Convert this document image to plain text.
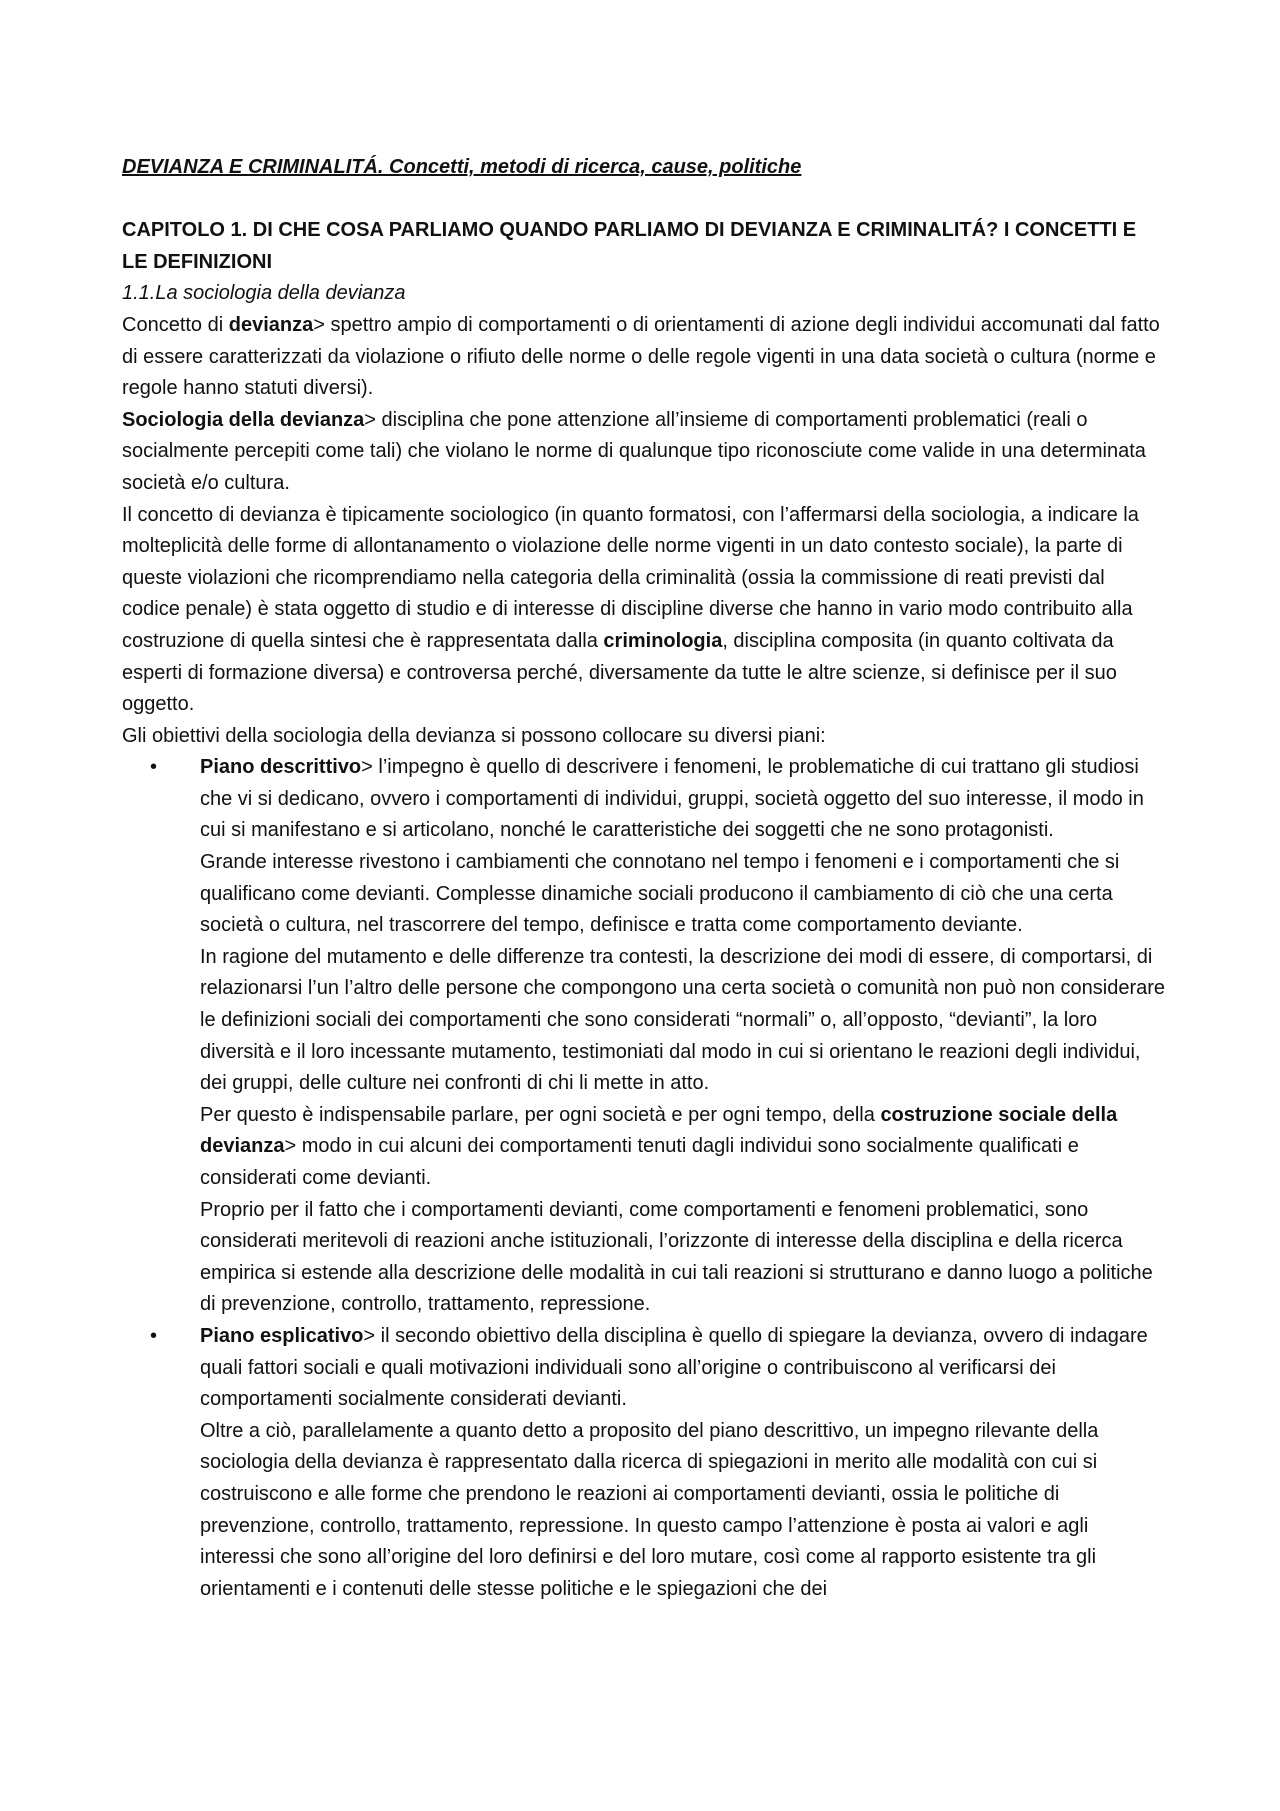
DEVIANZA E CRIMINALITÁ. Concetti, metodi di ricerca, cause, politiche

CAPITOLO 1. DI CHE COSA PARLIAMO QUANDO PARLIAMO DI DEVIANZA E CRIMINALITÁ? I CONCETTI E LE DEFINIZIONI

1.1.La sociologia della devianza

Concetto di devianza> spettro ampio di comportamenti o di orientamenti di azione degli individui accomunati dal fatto di essere caratterizzati da violazione o rifiuto delle norme o delle regole vigenti in una data società o cultura (norme e regole hanno statuti diversi).

Sociologia della devianza> disciplina che pone attenzione all’insieme di comportamenti problematici (reali o socialmente percepiti come tali) che violano le norme di qualunque tipo riconosciute come valide in una determinata società e/o cultura.

Il concetto di devianza è tipicamente sociologico (in quanto formatosi, con l’affermarsi della sociologia, a indicare la molteplicità delle forme di allontanamento o violazione delle norme vigenti in un dato contesto sociale), la parte di queste violazioni che ricomprendiamo nella categoria della criminalità (ossia la commissione di reati previsti dal codice penale) è stata oggetto di studio e di interesse di discipline diverse che hanno in vario modo contribuito alla costruzione di quella sintesi che è rappresentata dalla criminologia, disciplina composita (in quanto coltivata da esperti di formazione diversa) e controversa perché, diversamente da tutte le altre scienze, si definisce per il suo oggetto.

Gli obiettivi della sociologia della devianza si possono collocare su diversi piani:

• Piano descrittivo> l’impegno è quello di descrivere i fenomeni, le problematiche di cui trattano gli studiosi che vi si dedicano, ovvero i comportamenti di individui, gruppi, società oggetto del suo interesse, il modo in cui si manifestano e si articolano, nonché le caratteristiche dei soggetti che ne sono protagonisti.

Grande interesse rivestono i cambiamenti che connotano nel tempo i fenomeni e i comportamenti che si qualificano come devianti. Complesse dinamiche sociali producono il cambiamento di ciò che una certa società o cultura, nel trascorrere del tempo, definisce e tratta come comportamento deviante.

In ragione del mutamento e delle differenze tra contesti, la descrizione dei modi di essere, di comportarsi, di relazionarsi l’un l’altro delle persone che compongono una certa società o comunità non può non considerare le definizioni sociali dei comportamenti che sono considerati “normali” o, all’opposto, “devianti”, la loro diversità e il loro incessante mutamento, testimoniati dal modo in cui si orientano le reazioni degli individui, dei gruppi, delle culture nei confronti di chi li mette in atto.

Per questo è indispensabile parlare, per ogni società e per ogni tempo, della costruzione sociale della devianza> modo in cui alcuni dei comportamenti tenuti dagli individui sono socialmente qualificati e considerati come devianti.

Proprio per il fatto che i comportamenti devianti, come comportamenti e fenomeni problematici, sono considerati meritevoli di reazioni anche istituzionali, l’orizzonte di interesse della disciplina e della ricerca empirica si estende alla descrizione delle modalità in cui tali reazioni si strutturano e danno luogo a politiche di prevenzione, controllo, trattamento, repressione.

• Piano esplicativo> il secondo obiettivo della disciplina è quello di spiegare la devianza, ovvero di indagare quali fattori sociali e quali motivazioni individuali sono all’origine o contribuiscono al verificarsi dei comportamenti socialmente considerati devianti.

Oltre a ciò, parallelamente a quanto detto a proposito del piano descrittivo, un impegno rilevante della sociologia della devianza è rappresentato dalla ricerca di spiegazioni in merito alle modalità con cui si costruiscono e alle forme che prendono le reazioni ai comportamenti devianti, ossia le politiche di prevenzione, controllo, trattamento, repressione. In questo campo l’attenzione è posta ai valori e agli interessi che sono all’origine del loro definirsi e del loro mutare, così come al rapporto esistente tra gli orientamenti e i contenuti delle stesse politiche e le spiegazioni che dei
